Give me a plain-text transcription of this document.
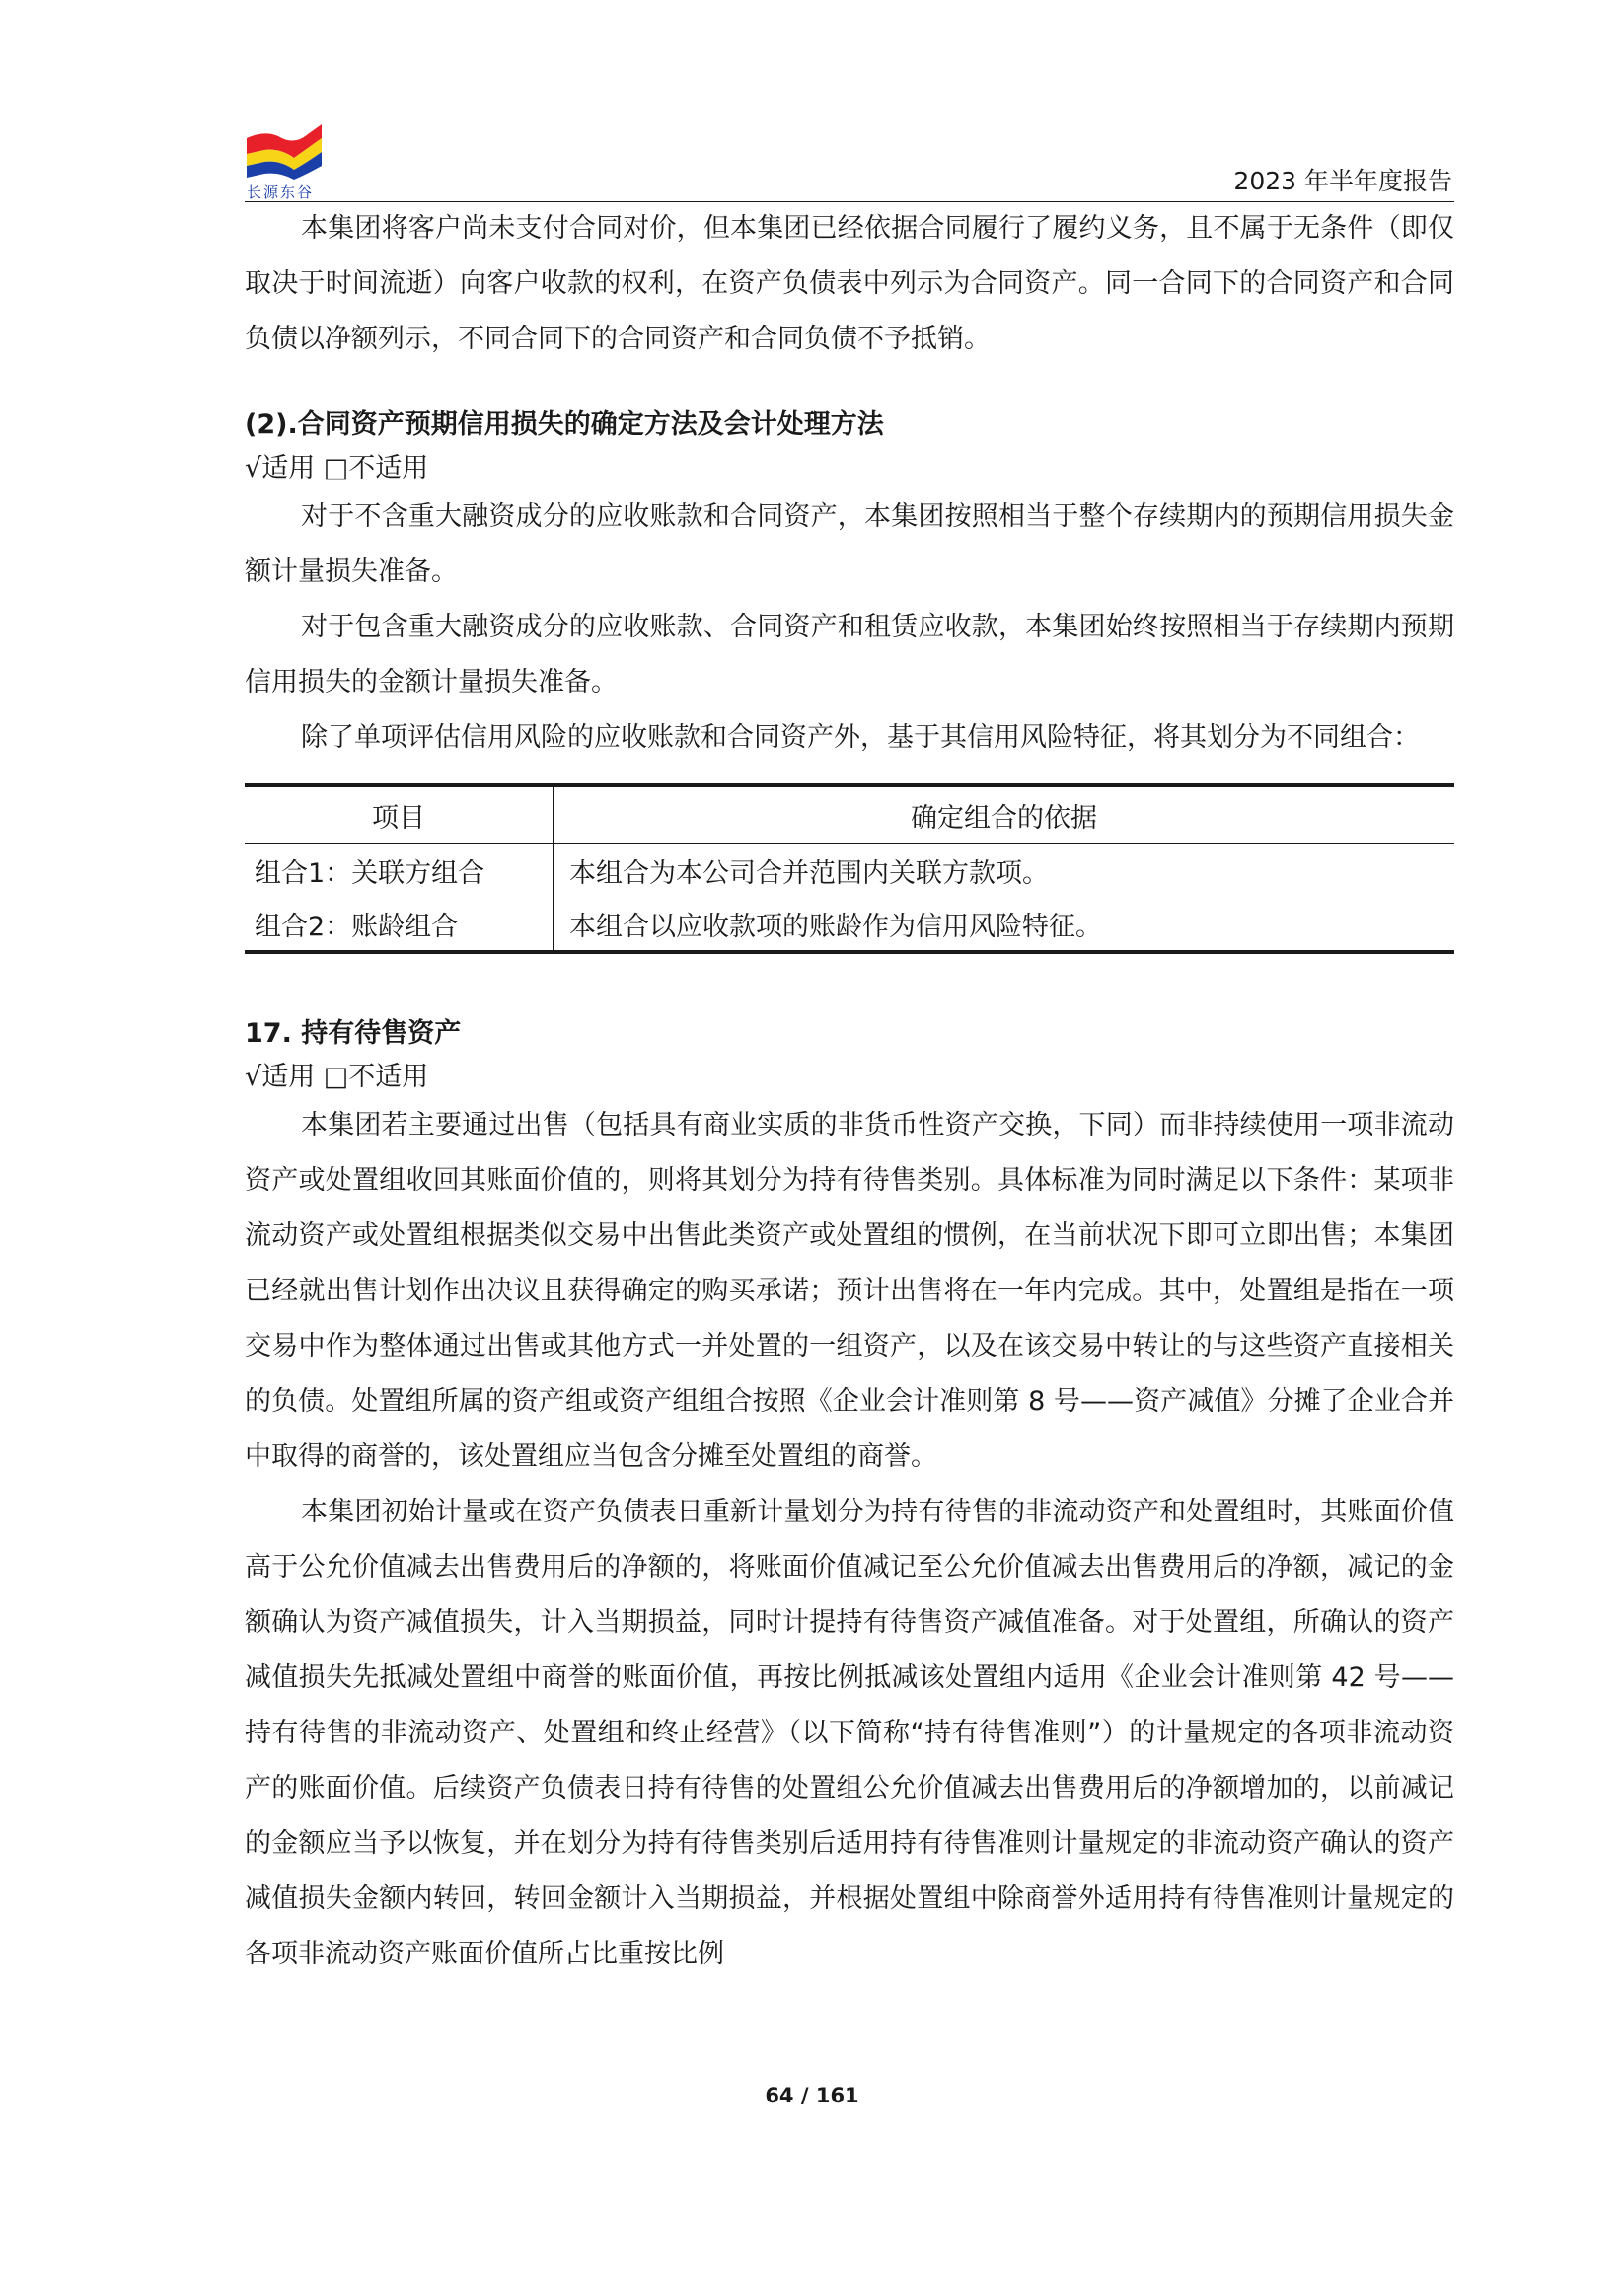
长源东谷	2023 年半年度报告

本集团将客户尚未支付合同对价，但本集团已经依据合同履行了履约义务，且不属于无条件（即仅取决于时间流逝）向客户收款的权利，在资产负债表中列示为合同资产。同一合同下的合同资产和合同负债以净额列示，不同合同下的合同资产和合同负债不予抵销。

(2).合同资产预期信用损失的确定方法及会计处理方法

√适用 □不适用

对于不含重大融资成分的应收账款和合同资产，本集团按照相当于整个存续期内的预期信用损失金额计量损失准备。

对于包含重大融资成分的应收账款、合同资产和租赁应收款，本集团始终按照相当于存续期内预期信用损失的金额计量损失准备。

除了单项评估信用风险的应收账款和合同资产外，基于其信用风险特征，将其划分为不同组合：

项目	确定组合的依据
组合1：关联方组合	本组合为本公司合并范围内关联方款项。
组合2：账龄组合	本组合以应收款项的账龄作为信用风险特征。

17. 持有待售资产

√适用 □不适用

本集团若主要通过出售（包括具有商业实质的非货币性资产交换，下同）而非持续使用一项非流动资产或处置组收回其账面价值的，则将其划分为持有待售类别。具体标准为同时满足以下条件：某项非流动资产或处置组根据类似交易中出售此类资产或处置组的惯例，在当前状况下即可立即出售；本集团已经就出售计划作出决议且获得确定的购买承诺；预计出售将在一年内完成。其中，处置组是指在一项交易中作为整体通过出售或其他方式一并处置的一组资产，以及在该交易中转让的与这些资产直接相关的负债。处置组所属的资产组或资产组组合按照《企业会计准则第 8 号——资产减值》分摊了企业合并中取得的商誉的，该处置组应当包含分摊至处置组的商誉。

本集团初始计量或在资产负债表日重新计量划分为持有待售的非流动资产和处置组时，其账面价值高于公允价值减去出售费用后的净额的，将账面价值减记至公允价值减去出售费用后的净额，减记的金额确认为资产减值损失，计入当期损益，同时计提持有待售资产减值准备。对于处置组，所确认的资产减值损失先抵减处置组中商誉的账面价值，再按比例抵减该处置组内适用《企业会计准则第 42 号——持有待售的非流动资产、处置组和终止经营》（以下简称“持有待售准则”）的计量规定的各项非流动资产的账面价值。后续资产负债表日持有待售的处置组公允价值减去出售费用后的净额增加的，以前减记的金额应当予以恢复，并在划分为持有待售类别后适用持有待售准则计量规定的非流动资产确认的资产减值损失金额内转回，转回金额计入当期损益，并根据处置组中除商誉外适用持有待售准则计量规定的各项非流动资产账面价值所占比重按比例

64 / 161
